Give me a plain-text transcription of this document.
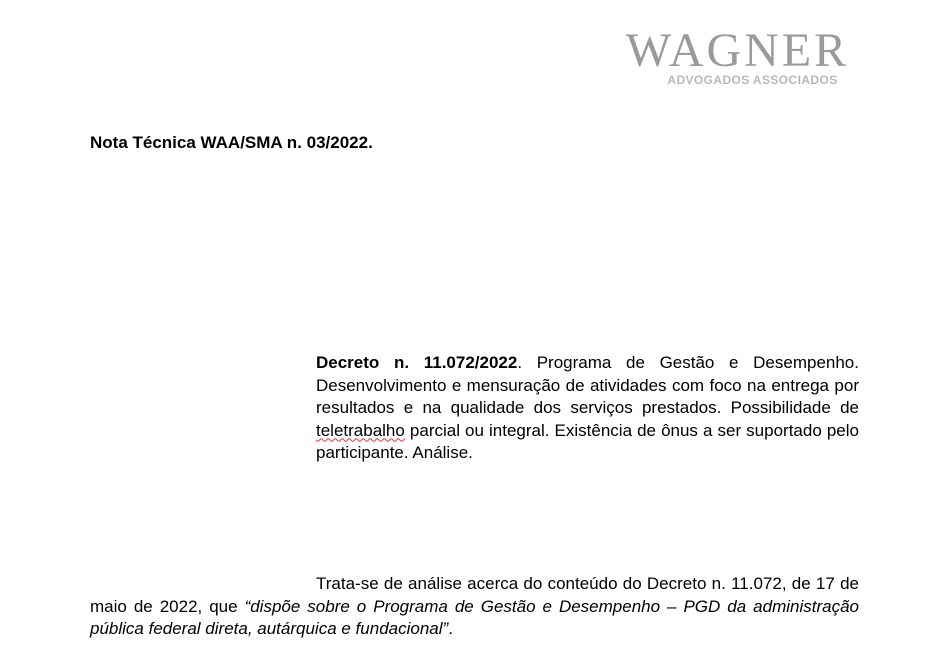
WAGNER
ADVOGADOS ASSOCIADOS
Nota Técnica WAA/SMA n. 03/2022.
Decreto n. 11.072/2022. Programa de Gestão e Desempenho. Desenvolvimento e mensuração de atividades com foco na entrega por resultados e na qualidade dos serviços prestados. Possibilidade de teletrabalho parcial ou integral. Existência de ônus a ser suportado pelo participante. Análise.
Trata-se de análise acerca do conteúdo do Decreto n. 11.072, de 17 de maio de 2022, que “dispõe sobre o Programa de Gestão e Desempenho – PGD da administração pública federal direta, autárquica e fundacional”.
